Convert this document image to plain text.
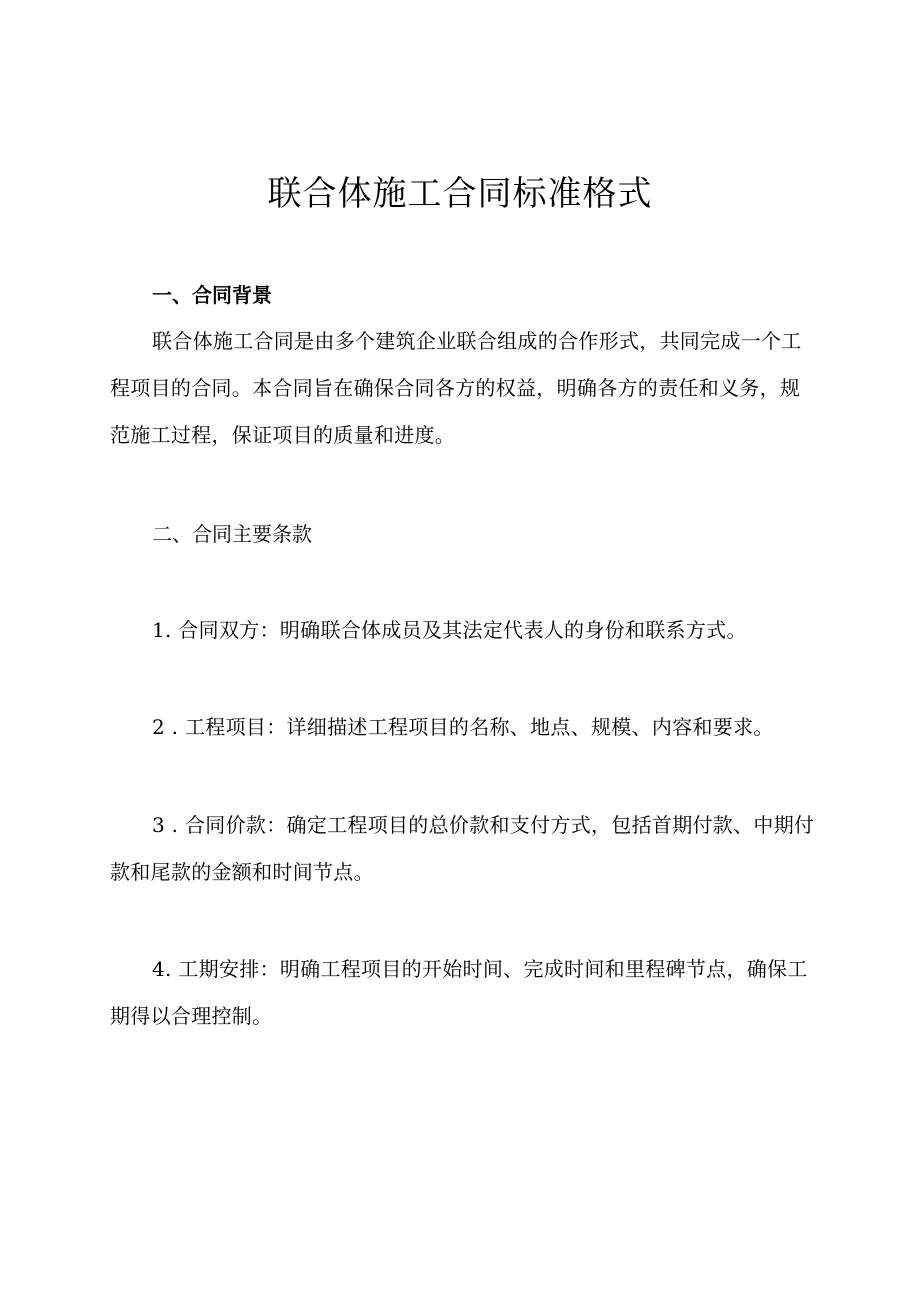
联合体施工合同标准格式

一、合同背景

联合体施工合同是由多个建筑企业联合组成的合作形式，共同完成一个工程项目的合同。本合同旨在确保合同各方的权益，明确各方的责任和义务，规范施工过程，保证项目的质量和进度。

二、合同主要条款

1. 合同双方：明确联合体成员及其法定代表人的身份和联系方式。

2 . 工程项目：详细描述工程项目的名称、地点、规模、内容和要求。

3 . 合同价款：确定工程项目的总价款和支付方式，包括首期付款、中期付款和尾款的金额和时间节点。

4. 工期安排：明确工程项目的开始时间、完成时间和里程碑节点，确保工期得以合理控制。
